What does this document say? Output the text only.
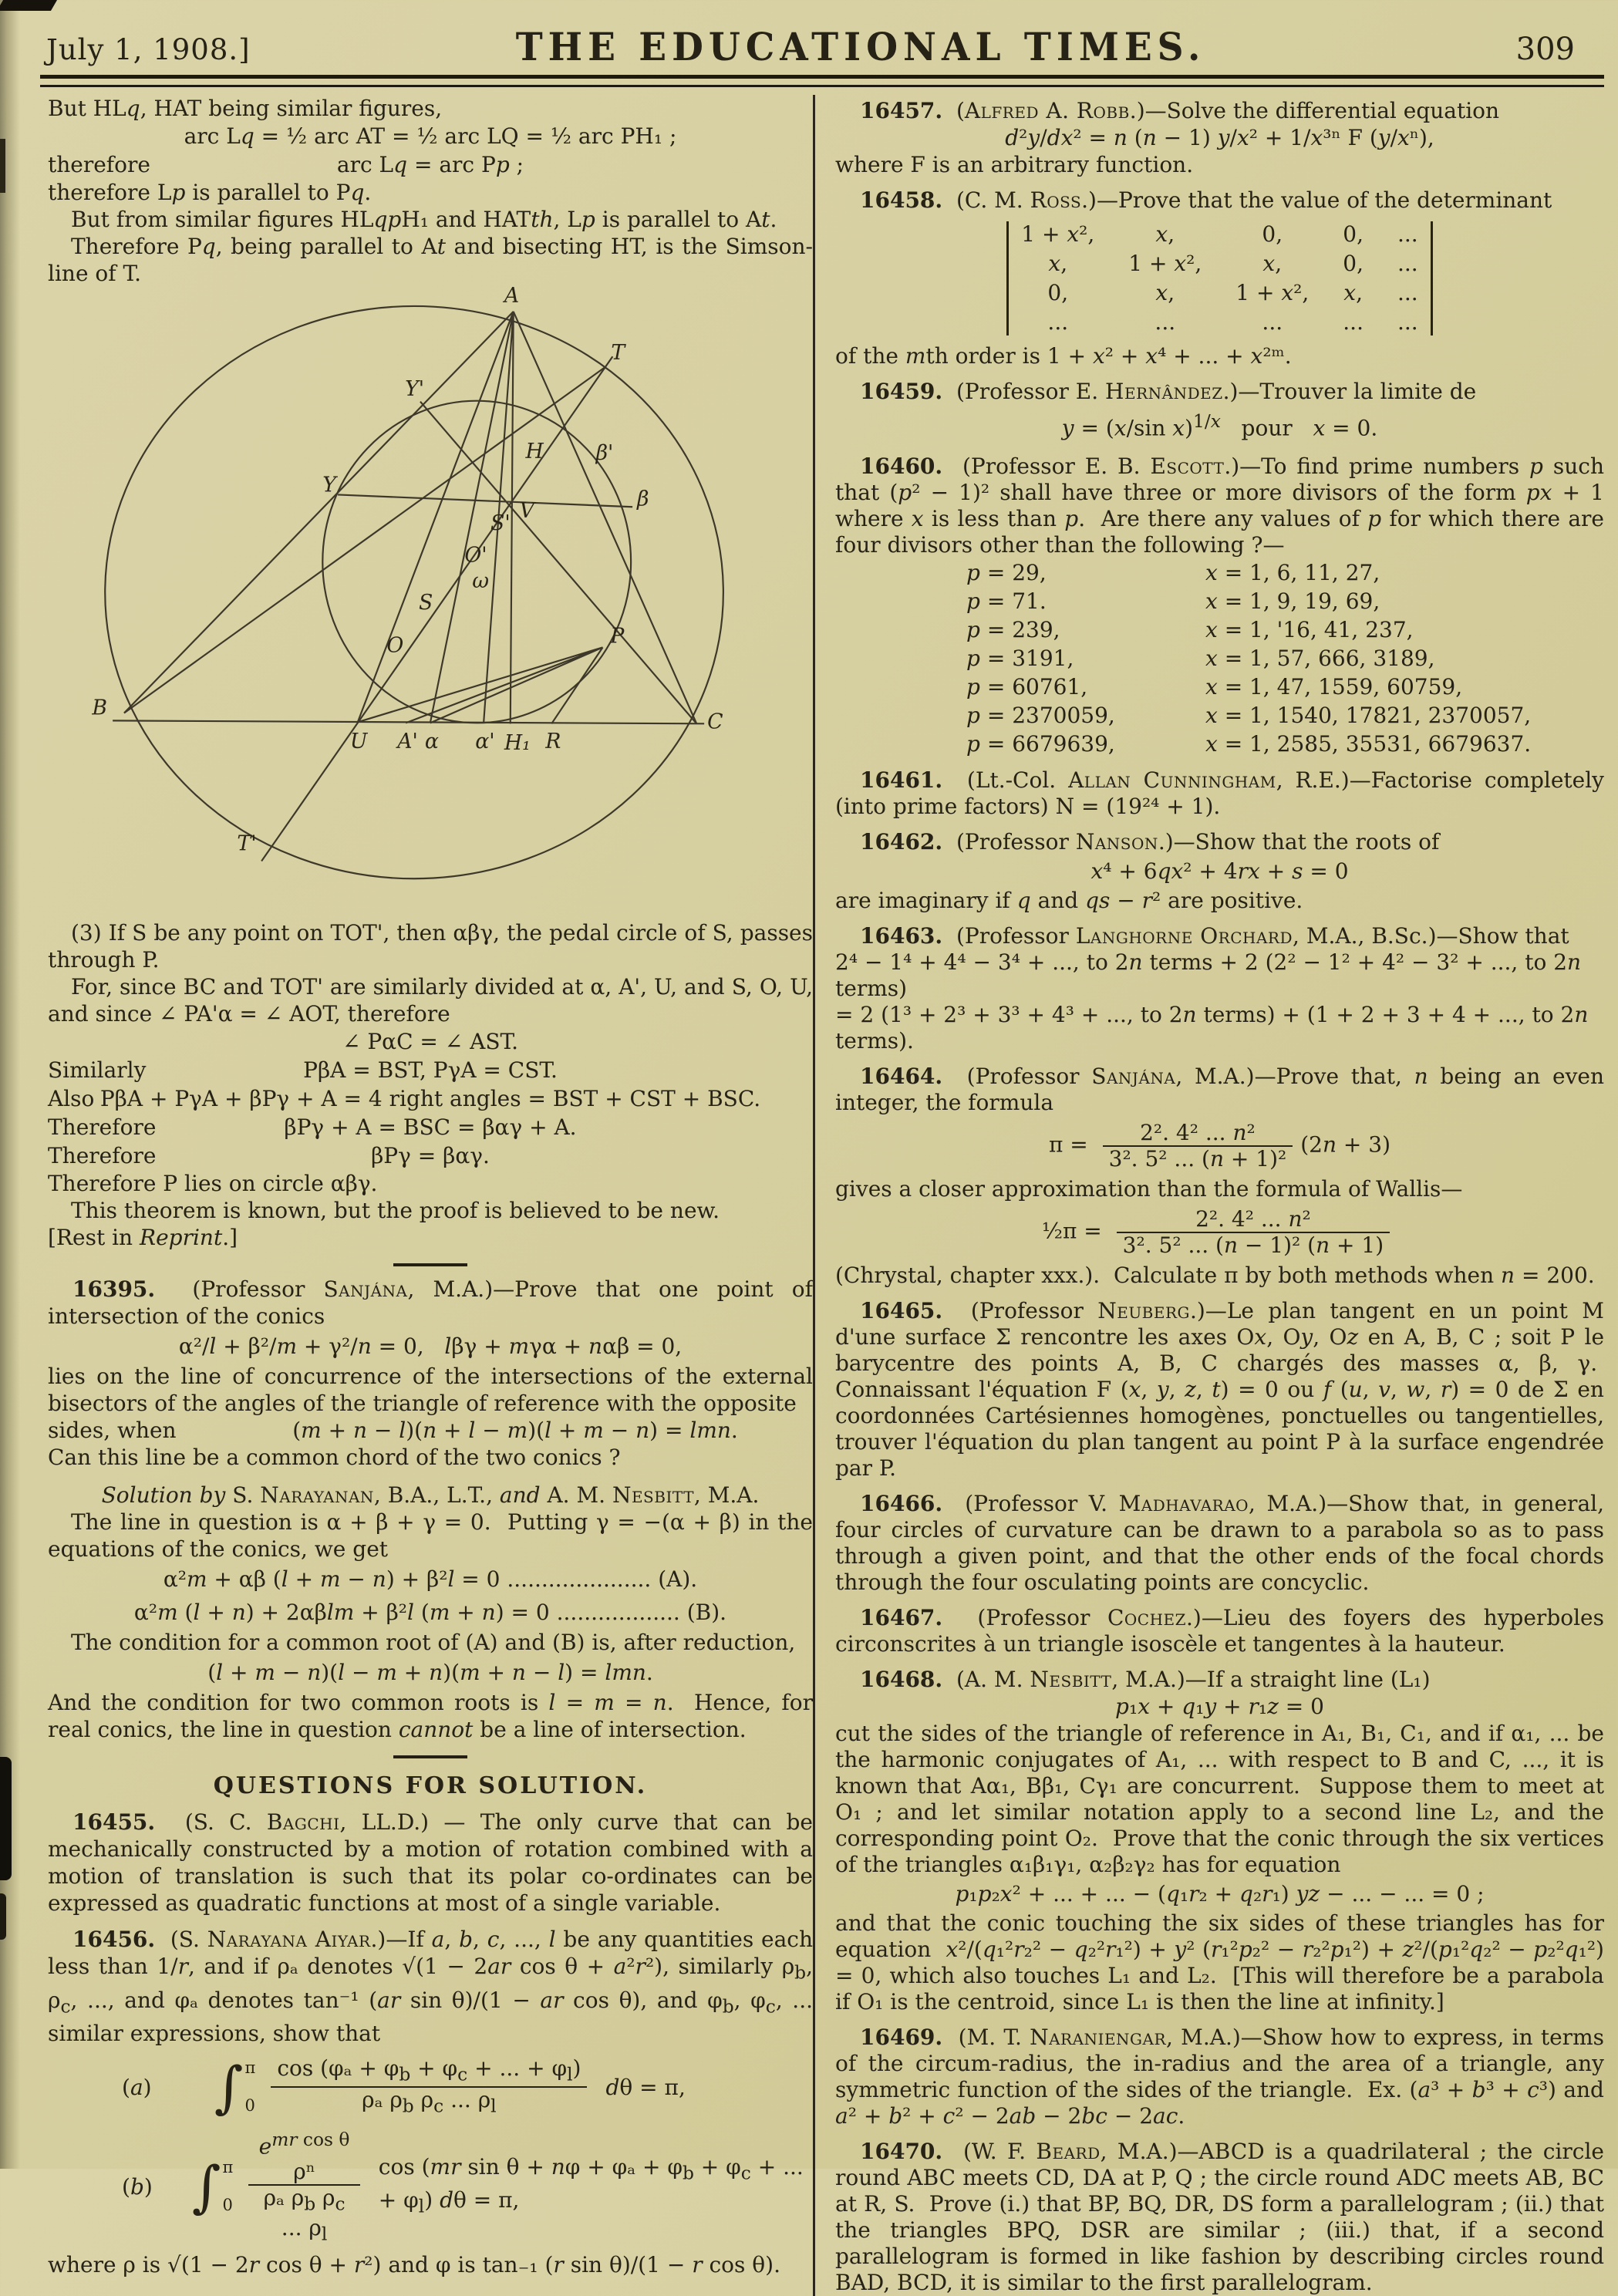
July 1, 1908.]	THE EDUCATIONAL TIMES.	309

But HLq, HAT being similar figures,

arc Lq = ½ arc AT = ½ arc LQ = ½ arc PH₁ ;

therefore	arc Lq = arc Pp ;

therefore Lp is parallel to Pq.

But from similar figures HLqpH₁ and HATth, Lp is parallel to At.

Therefore Pq, being parallel to At and bisecting HT, is the Simson-line of T.

A
T
Y'
Y
H	β'
β
V
S'
O'
ω
S
O	P
B
C
U A' α α' H₁ R
T'

(3) If S be any point on TOT', then αβγ, the pedal circle of S, passes through P.

For, since BC and TOT' are similarly divided at α, A', U, and S, O, U, and since ∠ PA'α = ∠ AOT, therefore

∠ PαC = ∠ AST.

Similarly	PβA = BST, PγA = CST.

Also PβA + PγA + βPγ + A = 4 right angles = BST + CST + BSC.

Therefore	βPγ + A = BSC = βαγ + A.

Therefore	βPγ = βαγ.

Therefore P lies on circle αβγ.

This theorem is known, but the proof is believed to be new.

[Rest in Reprint.]

16395. (Professor Sanjána, M.A.)—Prove that one point of intersection of the conics

α²/l + β²/m + γ²/n = 0,   lβγ + mγα + nαβ = 0,

lies on the line of concurrence of the intersections of the external bisectors of the angles of the triangle of reference with the opposite

sides, when	(m + n − l)(n + l − m)(l + m − n) = lmn.

Can this line be a common chord of the two conics ?

Solution by S. Narayanan, B.A., L.T., and A. M. Nesbitt, M.A.

The line in question is α + β + γ = 0.  Putting γ = −(α + β) in the equations of the conics, we get

α²m + αβ (l + m − n) + β²l = 0 ..................... (A).

α²m (l + n) + 2αβlm + β²l (m + n) = 0 .................. (B).

The condition for a common root of (A) and (B) is, after reduction,

(l + m − n)(l − m + n)(m + n − l) = lmn.

And the condition for two common roots is l = m = n.  Hence, for real conics, the line in question cannot be a line of intersection.

QUESTIONS FOR SOLUTION.

16455. (S. C. Bagchi, LL.D.) — The only curve that can be mechanically constructed by a motion of rotation combined with a motion of translation is such that its polar co-ordinates can be expressed as quadratic functions at most of a single variable.

16456. (S. Narayana Aiyar.)—If a, b, c, ..., l be any quantities each less than 1/r, and if ρₐ denotes √(1 − 2ar cos θ + a²r²), similarly $\rho_b$, $\rho_c$, ..., and φₐ denotes tan⁻¹ (ar sin θ)/(1 − ar cos θ), and $\varphi_b$, $\varphi_c$, ... similar expressions, show that

(a)	∫ π
$0 \frac{\cos (\varphi_a + \varphi_b + \varphi_c + ... + \varphi_l)}{\rho_a \rho_b \rho_c ... \rho_l}$ dθ = π,
(b) ∫ π
$0 \frac{e^{mr cos \theta} \rho^n}{\rho_a \rho_b \rho_c ... \rho_l}$ cos (mr $\sin \theta + n\varphi + \varphi_a + \varphi_b + \varphi_c$ + ... + $\varphi_l$) dθ = π,

where ρ is √(1 − 2r cos θ + r²) and φ is tan₋₁ (r sin θ)/(1 − r cos θ).

16457. (Alfred A. Robb.)—Solve the differential equation

d²y/dx² = n (n − 1) y/x² + 1/x³ⁿ F (y/xⁿ),

where F is an arbitrary function.

16458. (C. M. Ross.)—Prove that the value of the determinant

1 + x²,	x,	0,	0, ...
x,	1 + x²,	x,	0, ...
0,	x,	1 + x², x, ...
...	...	...	... ...

of the mth order is 1 + x² + x⁴ + ... + x²ᵐ.

16459. (Professor E. Hernândez.)—Trouver la limite de

y = (x/sin x)$^{1/x}$   pour   x = 0.

16460. (Professor E. B. Escott.)—To find prime numbers p such that (p² − 1)² shall have three or more divisors of the form px + 1 where x is less than p.  Are there any values of p for which there are four divisors other than the following ?—

p = 29,	x = 1, 6, 11, 27,

p = 71.	x = 1, 9, 19, 69,

p = 239,	x = 1, '16, 41, 237,

p = 3191,	x = 1, 57, 666, 3189,

p = 60761,	x = 1, 47, 1559, 60759,

p = 2370059,	x = 1, 1540, 17821, 2370057,

p = 6679639,	x = 1, 2585, 35531, 6679637.

16461. (Lt.-Col. Allan Cunningham, R.E.)—Factorise completely (into prime factors) N = (19²⁴ + 1).

16462. (Professor Nanson.)—Show that the roots of

x⁴ + 6qx² + 4rx + s = 0

are imaginary if q and qs − r² are positive.

16463. (Professor Langhorne Orchard, M.A., B.Sc.)—Show that

2⁴ − 1⁴ + 4⁴ − 3⁴ + ..., to 2n terms + 2 (2² − 1² + 4² − 3² + ..., to 2n terms)

= 2 (1³ + 2³ + 3³ + 4³ + ..., to 2n terms) + (1 + 2 + 3 + 4 + ..., to 2n terms).

16464. (Professor Sanjána, M.A.)—Prove that, n being an even integer, the formula

$\pi = \frac{\text{2². 4² ... n²}}{\text{3². 5² ... (n + 1)²}} (2n + 3)$

gives a closer approximation than the formula of Wallis—

½π = $\frac{\text{2². 4² ... n²}}{\text{3². 5² ... (n − 1)² (n + 1)}}$

(Chrystal, chapter xxx.).  Calculate π by both methods when n = 200.

16465. (Professor Neuberg.)—Le plan tangent en un point M d'une surface Σ rencontre les axes Ox, Oy, Oz en A, B, C ; soit P le barycentre des points A, B, C chargés des masses α, β, γ.  Connaissant l'équation F (x, y, z, t) = 0 ou f (u, v, w, r) = 0 de Σ en coordonnées Cartésiennes homogènes, ponctuelles ou tangentielles, trouver l'équation du plan tangent au point P à la surface engendrée par P.

16466. (Professor V. Madhavarao, M.A.)—Show that, in general, four circles of curvature can be drawn to a parabola so as to pass through a given point, and that the other ends of the focal chords through the four osculating points are concyclic.

16467. (Professor Cochez.)—Lieu des foyers des hyperboles circonscrites à un triangle isoscèle et tangentes à la hauteur.

16468. (A. M. Nesbitt, M.A.)—If a straight line (L₁)

p₁x + q₁y + r₁z = 0

cut the sides of the triangle of reference in A₁, B₁, C₁, and if α₁, ... be the harmonic conjugates of A₁, ... with respect to B and C, ..., it is known that Aα₁, Bβ₁, Cγ₁ are concurrent.  Suppose them to meet at O₁ ; and let similar notation apply to a second line L₂, and the corresponding point O₂.  Prove that the conic through the six vertices of the triangles α₁β₁γ₁, α₂β₂γ₂ has for equation

p₁p₂x² + ... + ... − (q₁r₂ + q₂r₁) yz − ... − ... = 0 ;

and that the conic touching the six sides of these triangles has for equation  x²/(q₁²r₂² − q₂²r₁²) + y² (r₁²p₂² − r₂²p₁²) + z²/(p₁²q₂² − p₂²q₁²) = 0, which also touches L₁ and L₂.  [This will therefore be a parabola if O₁ is the centroid, since L₁ is then the line at infinity.]

16469. (M. T. Naraniengar, M.A.)—Show how to express, in terms of the circum-radius, the in-radius and the area of a triangle, any symmetric function of the sides of the triangle.  Ex. (a³ + b³ + c³) and a² + b² + c² − 2ab − 2bc − 2ac.

16470. (W. F. Beard, M.A.)—ABCD is a quadrilateral ; the circle round ABC meets CD, DA at P, Q ; the circle round ADC meets AB, BC at R, S.  Prove (i.) that BP, BQ, DR, DS form a parallelogram ; (ii.) that the triangles BPQ, DSR are similar ; (iii.) that, if a second parallelogram is formed in like fashion by describing circles round BAD, BCD, it is similar to the first parallelogram.
